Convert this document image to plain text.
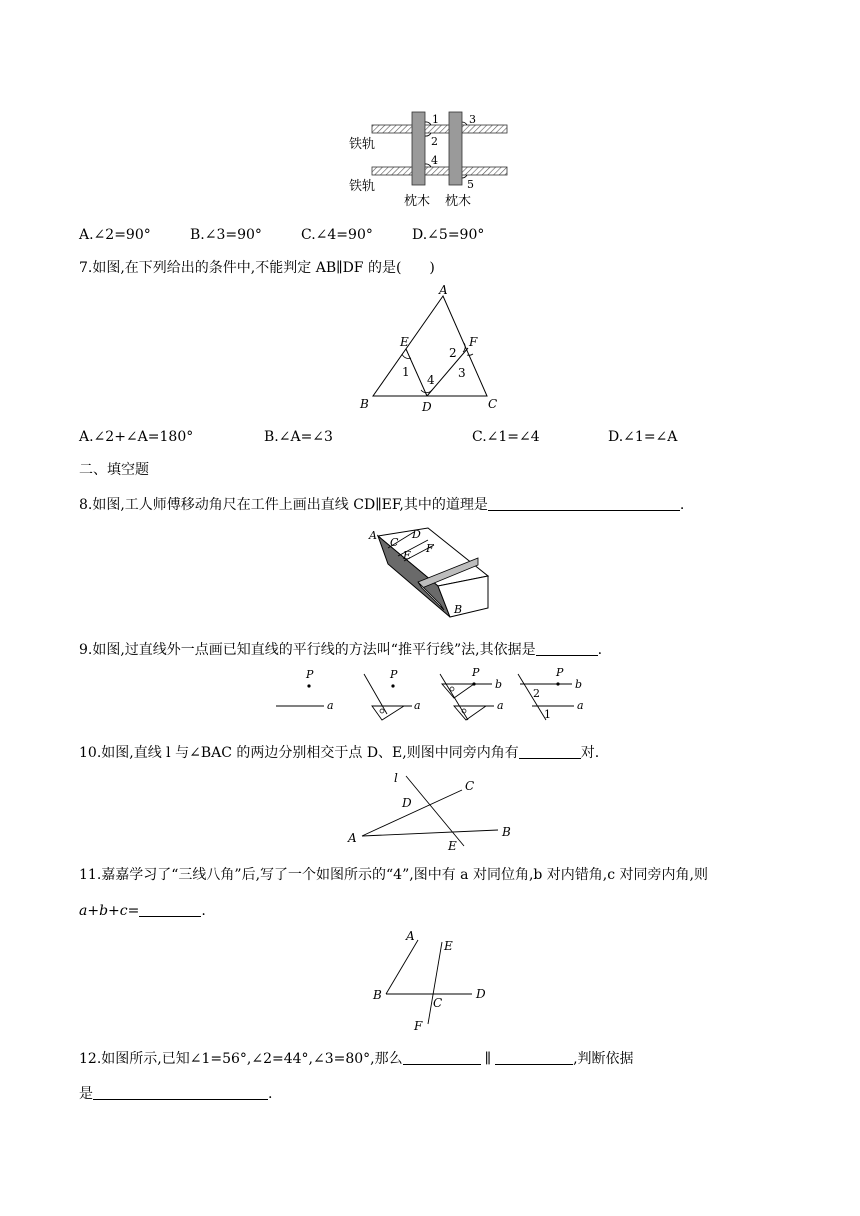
1
2
3
4
5
铁轨
铁轨
枕木 枕木
A.∠2=90°	B.∠3=90°	C.∠4=90°	D.∠5=90°
7.如图,在下列给出的条件中,不能判定 AB∥DF 的是(　　)
A
B	C
D
E	F
1
2
3
4
A.∠2+∠A=180°	B.∠A=∠3	C.∠1=∠4	D.∠1=∠A
二、填空题
8.如图,工人师傅移动角尺在工件上画出直线 CD∥EF,其中的道理是	.
A
C
D
E
F
B
9.如图,过直线外一点画已知直线的平行线的方法叫“推平行线”法,其依据是	.
P
a
P
a
P
b
a
P
b
a
2
1
10.如图,直线 l 与∠BAC 的两边分别相交于点 D、E,则图中同旁内角有	对.
l
A	B
C
D
E
11.嘉嘉学习了“三线八角”后,写了一个如图所示的“4”,图中有 a 对同位角,b 对内错角,c 对同旁内角,则
a+b+c=	.
A
B
C
D
E
F
12.如图所示,已知∠1=56°,∠2=44°,∠3=80°,那么	∥	,判断依据
是	.
